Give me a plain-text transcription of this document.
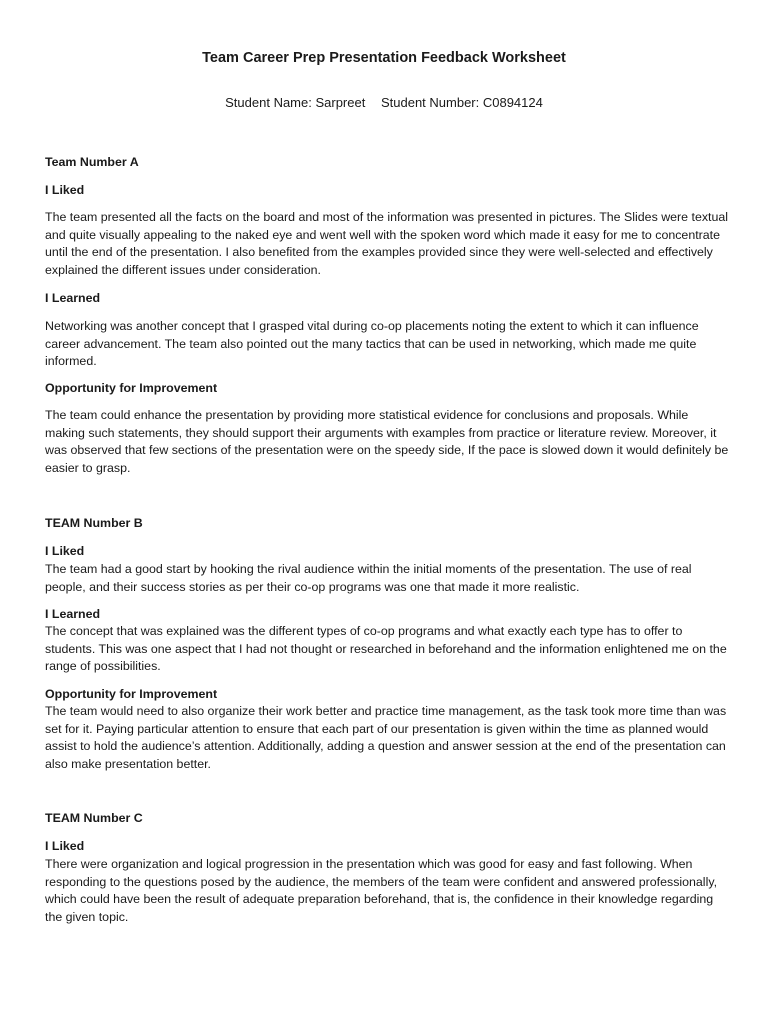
Team Career Prep Presentation Feedback Worksheet
Student Name: Sarpreet Student Number: C0894124

Team Number A

I Liked

The team presented all the facts on the board and most of the information was presented in pictures. The Slides were textual and quite visually appealing to the naked eye and went well with the spoken word which made it easy for me to concentrate until the end of the presentation. I also benefited from the examples provided since they were well-selected and effectively explained the different issues under consideration.

I Learned

Networking was another concept that I grasped vital during co-op placements noting the extent to which it can influence career advancement. The team also pointed out the many tactics that can be used in networking, which made me quite informed.

Opportunity for Improvement

The team could enhance the presentation by providing more statistical evidence for conclusions and proposals. While making such statements, they should support their arguments with examples from practice or literature review. Moreover, it was observed that few sections of the presentation were on the speedy side, If the pace is slowed down it would definitely be easier to grasp.

TEAM Number B

I Liked

The team had a good start by hooking the rival audience within the initial moments of the presentation. The use of real people, and their success stories as per their co-op programs was one that made it more realistic.

I Learned

The concept that was explained was the different types of co-op programs and what exactly each type has to offer to students. This was one aspect that I had not thought or researched in beforehand and the information enlightened me on the range of possibilities.

Opportunity for Improvement

The team would need to also organize their work better and practice time management, as the task took more time than was set for it. Paying particular attention to ensure that each part of our presentation is given within the time as planned would assist to hold the audience’s attention. Additionally, adding a question and answer session at the end of the presentation can also make presentation better.

TEAM Number C

I Liked

There were organization and logical progression in the presentation which was good for easy and fast following. When responding to the questions posed by the audience, the members of the team were confident and answered professionally, which could have been the result of adequate preparation beforehand, that is, the confidence in their knowledge regarding the given topic.
